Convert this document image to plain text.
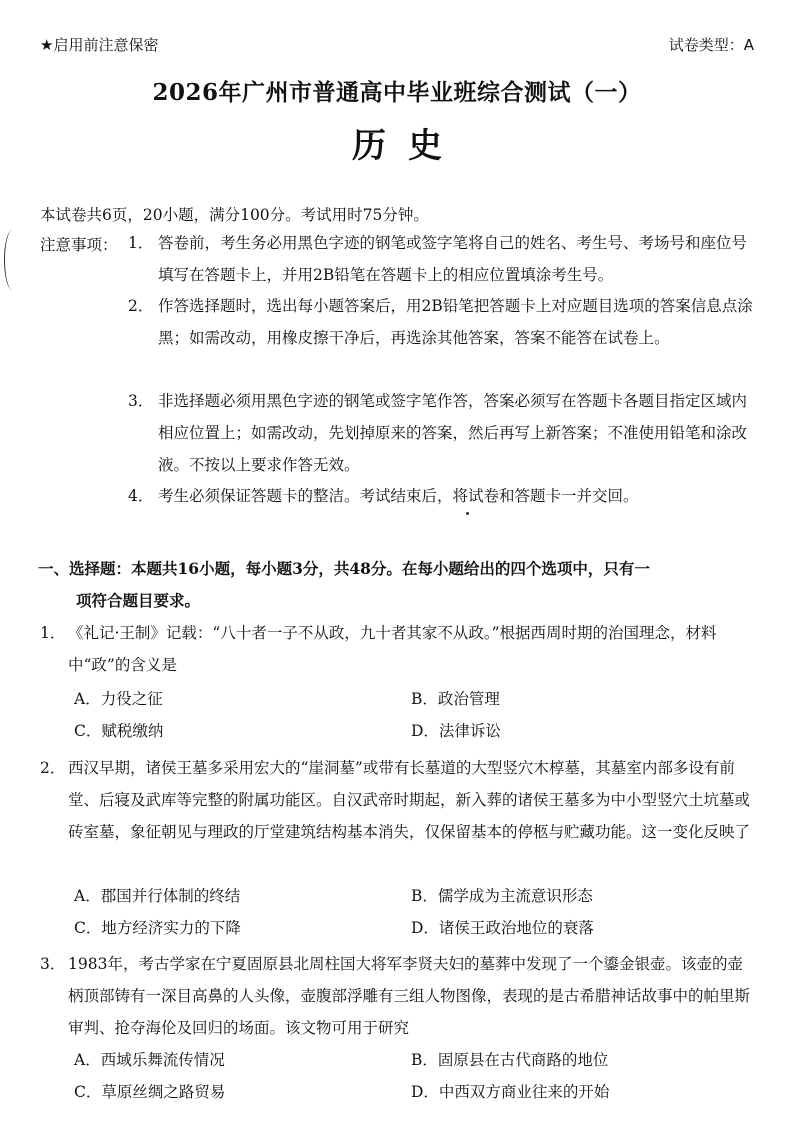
★启用前注意保密	试卷类型：A
2026年广州市普通高中毕业班综合测试（一）
历史
本试卷共6页，20小题，满分100分。考试用时75分钟。
注意事项： 1． 答卷前，考生务必用黑色字迹的钢笔或签字笔将自己的姓名、考生号、考场号和座位号填写在答题卡上，并用2B铅笔在答题卡上的相应位置填涂考生号。
2． 作答选择题时，选出每小题答案后，用2B铅笔把答题卡上对应题目选项的答案信息点涂黑；如需改动，用橡皮擦干净后，再选涂其他答案，答案不能答在试卷上。
3． 非选择题必须用黑色字迹的钢笔或签字笔作答，答案必须写在答题卡各题目指定区域内相应位置上；如需改动，先划掉原来的答案，然后再写上新答案；不准使用铅笔和涂改液。不按以上要求作答无效。
4． 考生必须保证答题卡的整洁。考试结束后，将试卷和答题卡一并交回。
一、选择题：本题共16小题，每小题3分，共48分。在每小题给出的四个选项中，只有一
项符合题目要求。
1． 《礼记·王制》记载：“八十者一子不从政，九十者其家不从政。”根据西周时期的治国理念，材料中“政”的含义是
A．力役之征	B．政治管理
C．赋税缴纳	D．法律诉讼
2． 西汉早期，诸侯王墓多采用宏大的“崖洞墓”或带有长墓道的大型竖穴木椁墓，其墓室内部多设有前堂、后寝及武库等完整的附属功能区。自汉武帝时期起，新入葬的诸侯王墓多为中小型竖穴土坑墓或砖室墓，象征朝见与理政的厅堂建筑结构基本消失，仅保留基本的停柩与贮藏功能。这一变化反映了
A．郡国并行体制的终结	B．儒学成为主流意识形态
C．地方经济实力的下降	D．诸侯王政治地位的衰落
3． 1983年，考古学家在宁夏固原县北周柱国大将军李贤夫妇的墓葬中发现了一个鎏金银壶。该壶的壶柄顶部铸有一深目高鼻的人头像，壶腹部浮雕有三组人物图像，表现的是古希腊神话故事中的帕里斯审判、抢夺海伦及回归的场面。该文物可用于研究
A．西域乐舞流传情况	B．固原县在古代商路的地位
C．草原丝绸之路贸易	D．中西双方商业往来的开始
